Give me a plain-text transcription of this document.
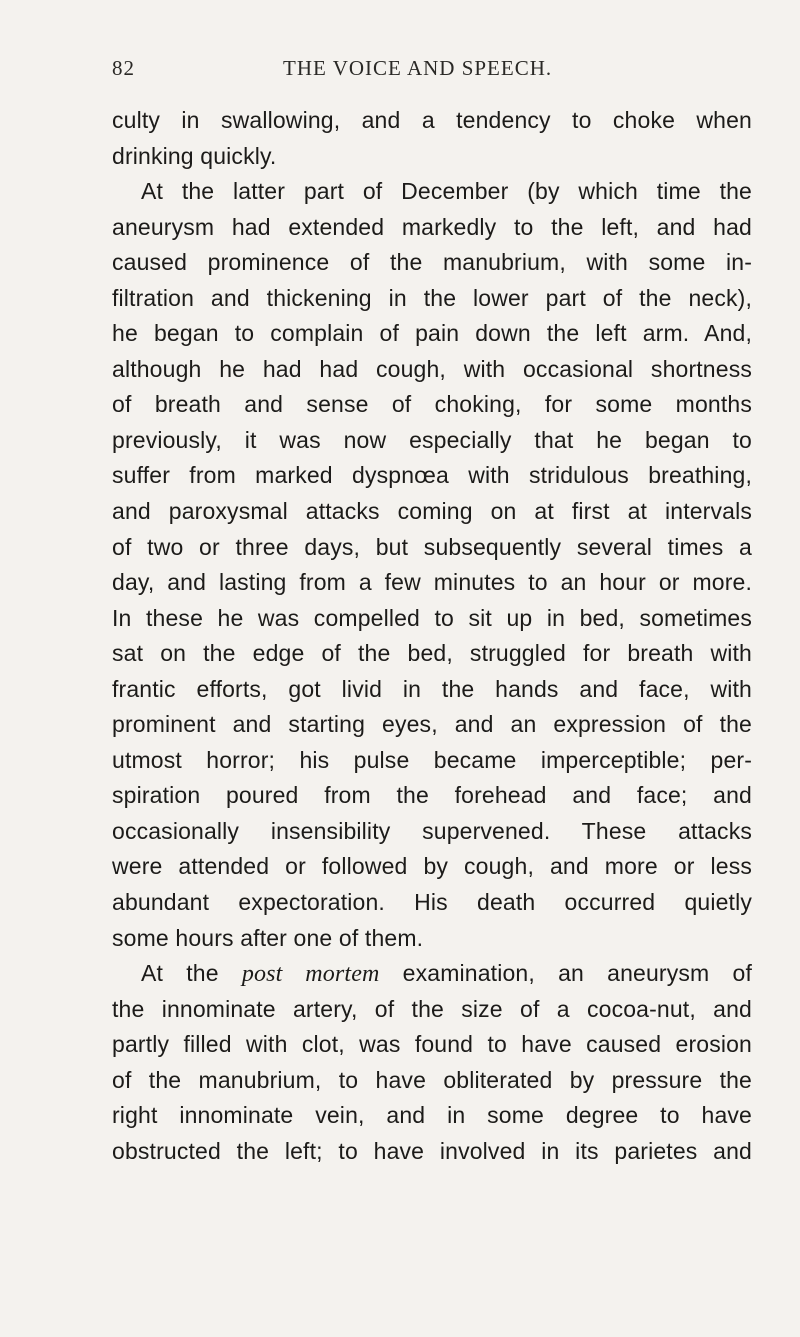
82	THE VOICE AND SPEECH.
culty in swallowing, and a tendency to choke when
drinking quickly.
At the latter part of December (by which time the
aneurysm had extended markedly to the left, and had
caused prominence of the manubrium, with some in-
filtration and thickening in the lower part of the neck),
he began to complain of pain down the left arm. And,
although he had had cough, with occasional shortness
of breath and sense of choking, for some months
previously, it was now especially that he began to
suffer from marked dyspnœa with stridulous breathing,
and paroxysmal attacks coming on at first at intervals
of two or three days, but subsequently several times a
day, and lasting from a few minutes to an hour or more.
In these he was compelled to sit up in bed, sometimes
sat on the edge of the bed, struggled for breath with
frantic efforts, got livid in the hands and face, with
prominent and starting eyes, and an expression of the
utmost horror; his pulse became imperceptible; per-
spiration poured from the forehead and face; and
occasionally insensibility supervened. These attacks
were attended or followed by cough, and more or less
abundant expectoration. His death occurred quietly
some hours after one of them.
At the post mortem examination, an aneurysm of
the innominate artery, of the size of a cocoa-nut, and
partly filled with clot, was found to have caused erosion
of the manubrium, to have obliterated by pressure the
right innominate vein, and in some degree to have
obstructed the left; to have involved in its parietes and
